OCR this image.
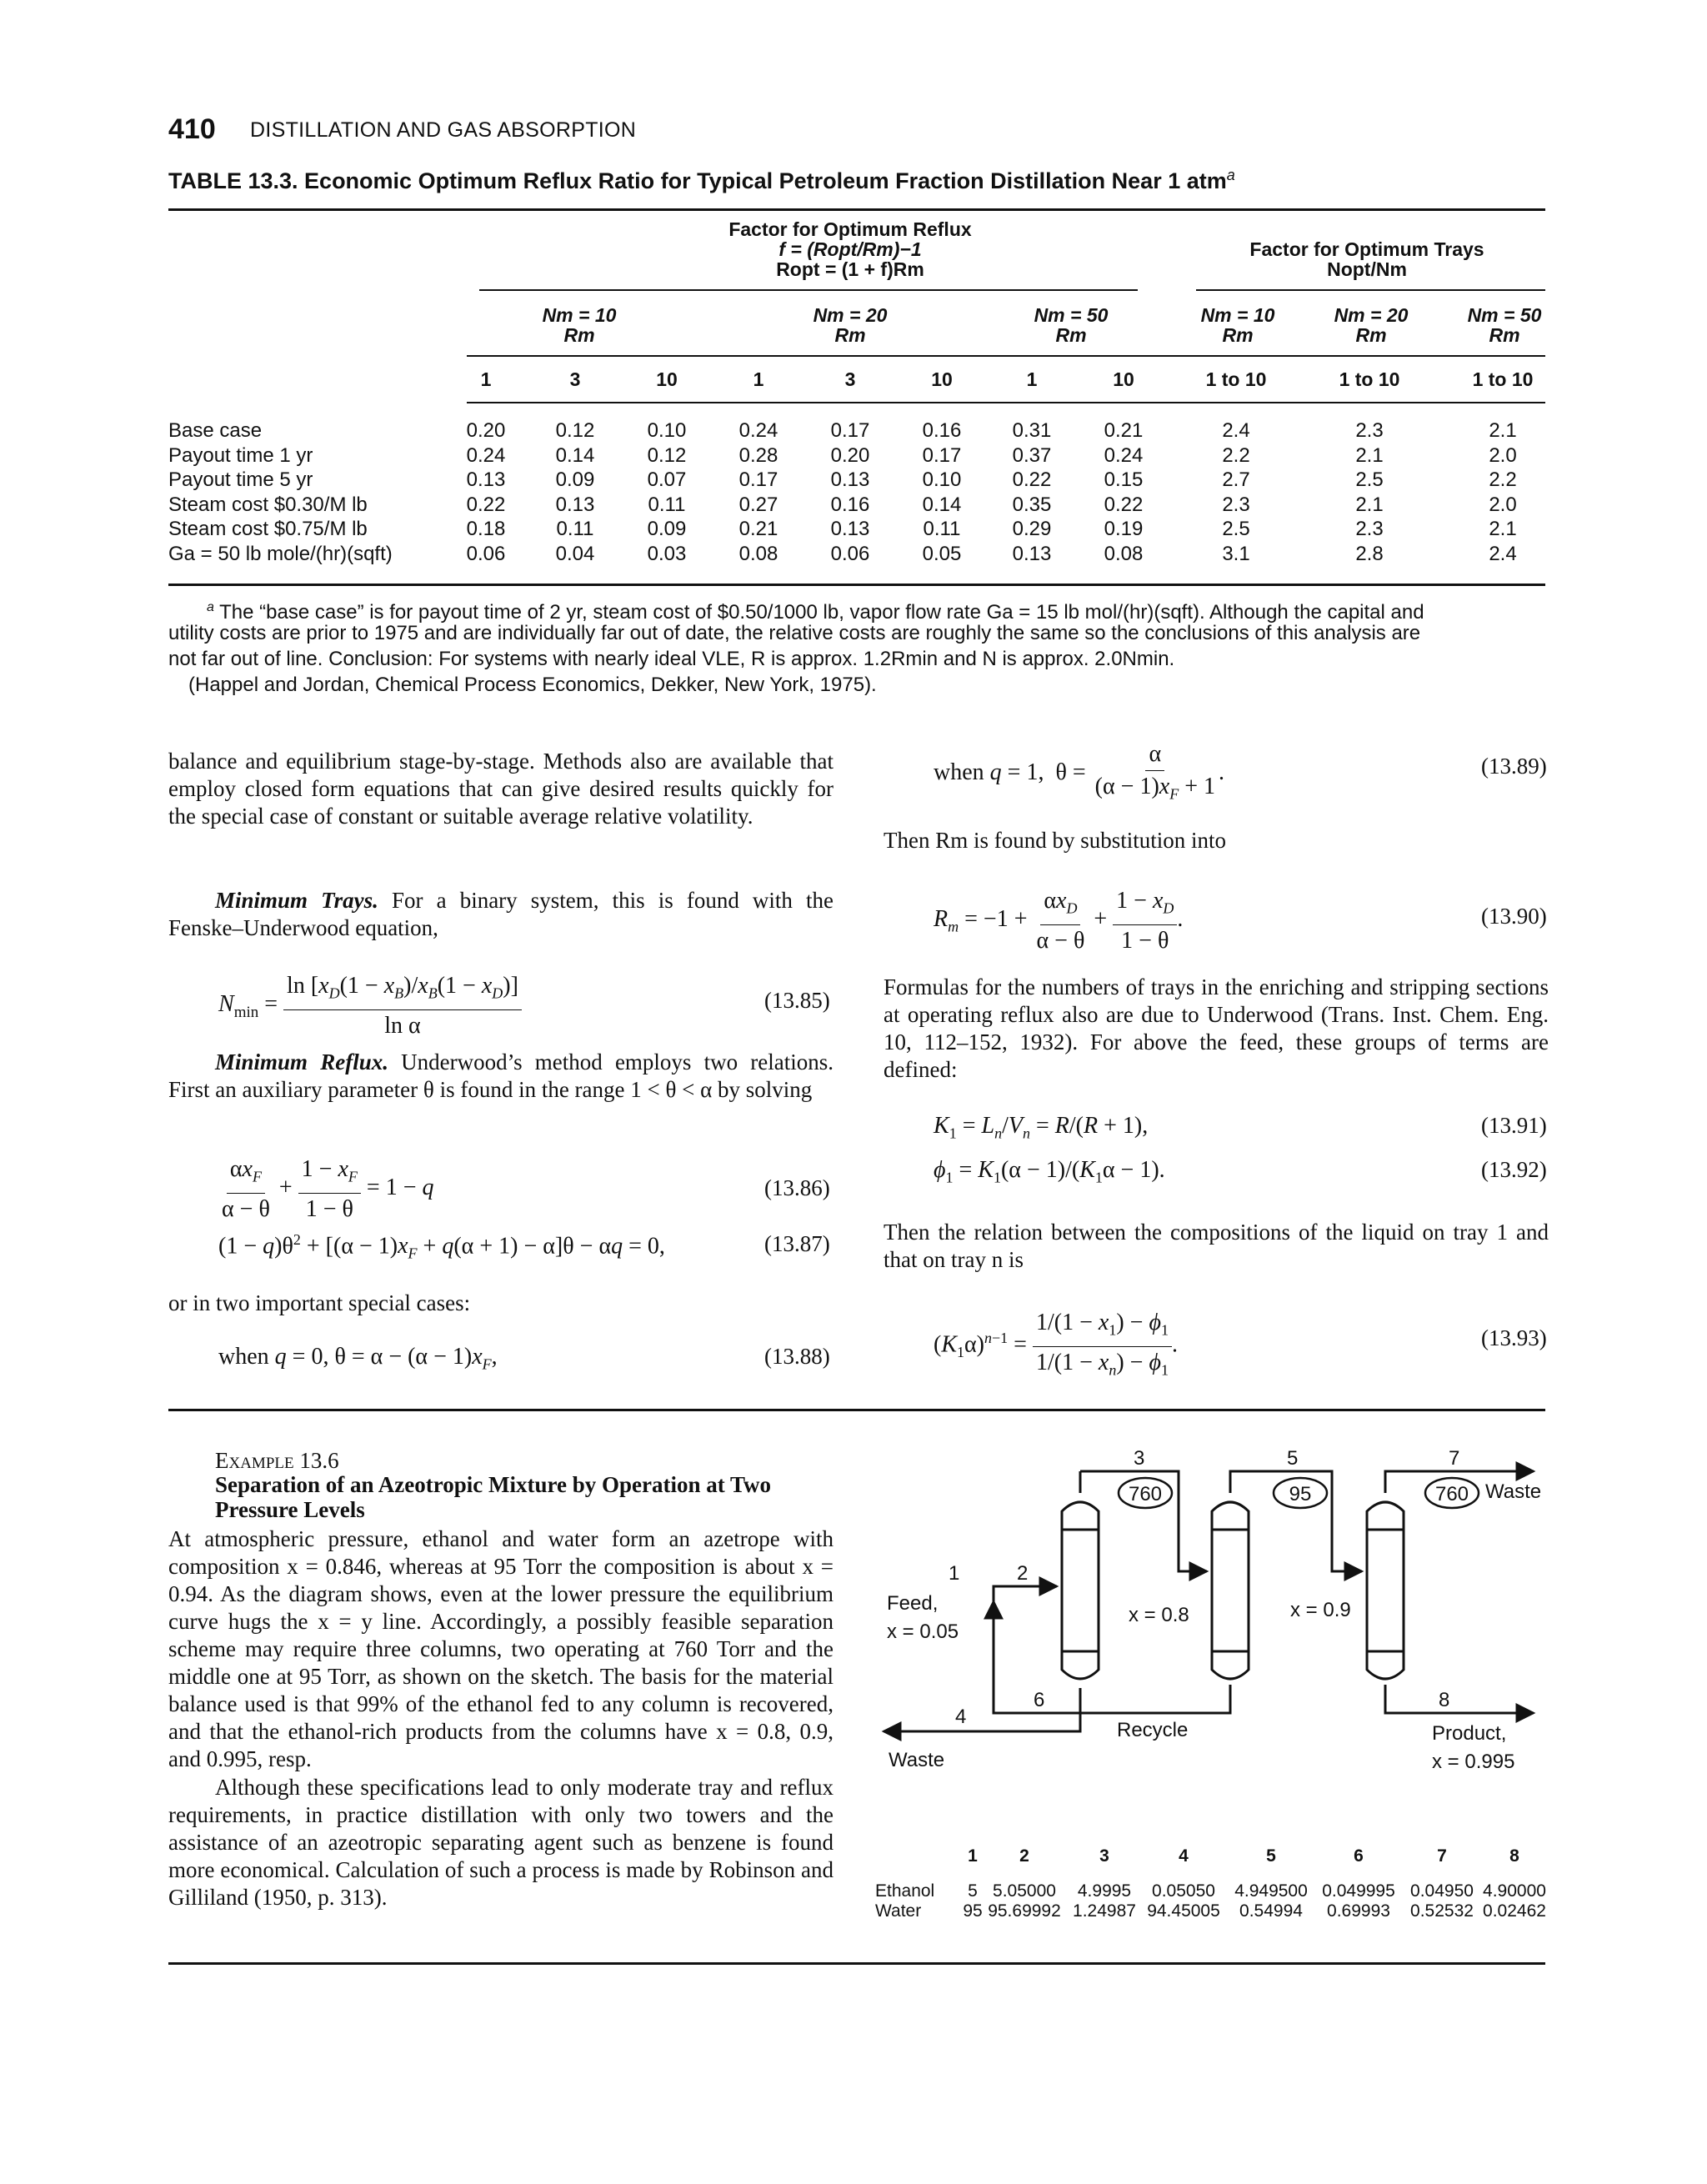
410 DISTILLATION AND GAS ABSORPTION
TABLE 13.3. Economic Optimum Reflux Ratio for Typical Petroleum Fraction Distillation Near 1 atm$^a$
Factor for Optimum Reflux
f = (Ropt/Rm)−1
Ropt = (1 + f)Rm
Factor for Optimum Trays
Nopt/Nm
Nm = 10
Rm
Nm = 20
Rm
Nm = 50
Rm
Nm = 10
Rm
Nm = 20
Rm
Nm = 50
Rm
1	3	10	1	3	10	1	10	1 to 10	1 to 10	1 to 10
Base case	0.20	0.12	0.10	0.24	0.17	0.16	0.31	0.21	2.4	2.3	2.1
Payout time 1 yr	0.24	0.14	0.12	0.28	0.20	0.17	0.37	0.24	2.2	2.1	2.0
Payout time 5 yr	0.13	0.09	0.07	0.17	0.13	0.10	0.22	0.15	2.7	2.5	2.2
Steam cost $0.30/M lb	0.22	0.13	0.11	0.27	0.16	0.14	0.35	0.22	2.3	2.1	2.0
Steam cost $0.75/M lb	0.18	0.11	0.09	0.21	0.13	0.11	0.29	0.19	2.5	2.3	2.1
Ga = 50 lb mole/(hr)(sqft)	0.06	0.04	0.03	0.08	0.06	0.05	0.13	0.08	3.1	2.8	2.4
$^a$ The “base case” is for payout time of 2 yr, steam cost of $0.50/1000 lb, vapor flow rate Ga = 15 lb mol/(hr)(sqft). Although the capital and
utility costs are prior to 1975 and are individually far out of date, the relative costs are roughly the same so the conclusions of this analysis are
not far out of line. Conclusion: For systems with nearly ideal VLE, R is approx. 1.2Rmin and N is approx. 2.0Nmin.
(Happel and Jordan, Chemical Process Economics, Dekker, New York, 1975).
balance and equilibrium stage-by-stage. Methods also are available that employ closed form equations that can give desired results quickly for the special case of constant or suitable average relative volatility.
Minimum Trays. For a binary system, this is found with the Fenske–Underwood equation,
$N_{min} = \frac{\ln [x_D(1 - x_B)/x_B(1 - x_D)]}{\text{ln α}}$	(13.85)
Minimum Reflux. Underwood’s method employs two relations. First an auxiliary parameter θ is found in the range 1 < θ < α by solving
$\frac{\alpha x_F}{\alpha - \theta} + \frac{1 - x_F}{1 - \theta} = 1 - q$	(13.86)
$(1 - q)\theta^2 + [(\alpha - 1)x_F + q(\alpha + 1) - \alpha]\theta - \alpha q = 0$,	(13.87)
or in two important special cases:
when q = 0, $\theta = \alpha - (\alpha - 1)x_F$,	(13.88)
when q = 1,  $\theta = \frac{\alpha}{(\alpha - 1)x_F + 1}$ .	(13.89)
Then Rm is found by substitution into
$R_m = -1 + \frac{\alpha x_D}{\alpha - \theta} + \frac{1 - x_D}{1 - \theta}$ .	(13.90)
Formulas for the numbers of trays in the enriching and stripping sections at operating reflux also are due to Underwood (Trans. Inst. Chem. Eng. 10, 112–152, 1932). For above the feed, these groups of terms are defined:
$K_1 = L_n/V_n = R/(R + 1)$,	(13.91)
$\phi_1 = K_1(\alpha - 1)/(K_1\alpha - 1)$.	(13.92)
Then the relation between the compositions of the liquid on tray 1 and that on tray n is
$(K_1\alpha)^{n-1} = \frac{1/(1 - x_1) - \phi_1}{1/(1 - x_n) - \phi_1}$ .	(13.93)
Example 13.6
Separation of an Azeotropic Mixture by Operation at Two Pressure Levels
At atmospheric pressure, ethanol and water form an azetrope with composition x = 0.846, whereas at 95 Torr the composition is about x = 0.94. As the diagram shows, even at the lower pressure the equilibrium curve hugs the x = y line. Accordingly, a possibly feasible separation scheme may require three columns, two operating at 760 Torr and the middle one at 95 Torr, as shown on the sketch. The basis for the material balance used is that 99% of the ethanol fed to any column is recovered, and that the ethanol-rich products from the columns have x = 0.8, 0.9, and 0.995, resp.
Although these specifications lead to only moderate tray and reflux requirements, in practice distillation with only two towers and the assistance of an azeotropic separating agent such as benzene is found more economical. Calculation of such a process is made by Robinson and Gilliland (1950, p. 313).
760	95	760
3	5	7
1	2
6
4
8
Feed,
x = 0.05
x = 0.8	x = 0.9
Waste
Waste
Recycle	Product,
x = 0.995
1	2	3	4	5	6	7	8
Ethanol	5 5.05000	4.9995	0.05050	4.949500 0.049995 0.04950 4.90000
Water	95 95.69992 1.24987 94.45005	0.54994	0.69993	0.52532 0.02462
